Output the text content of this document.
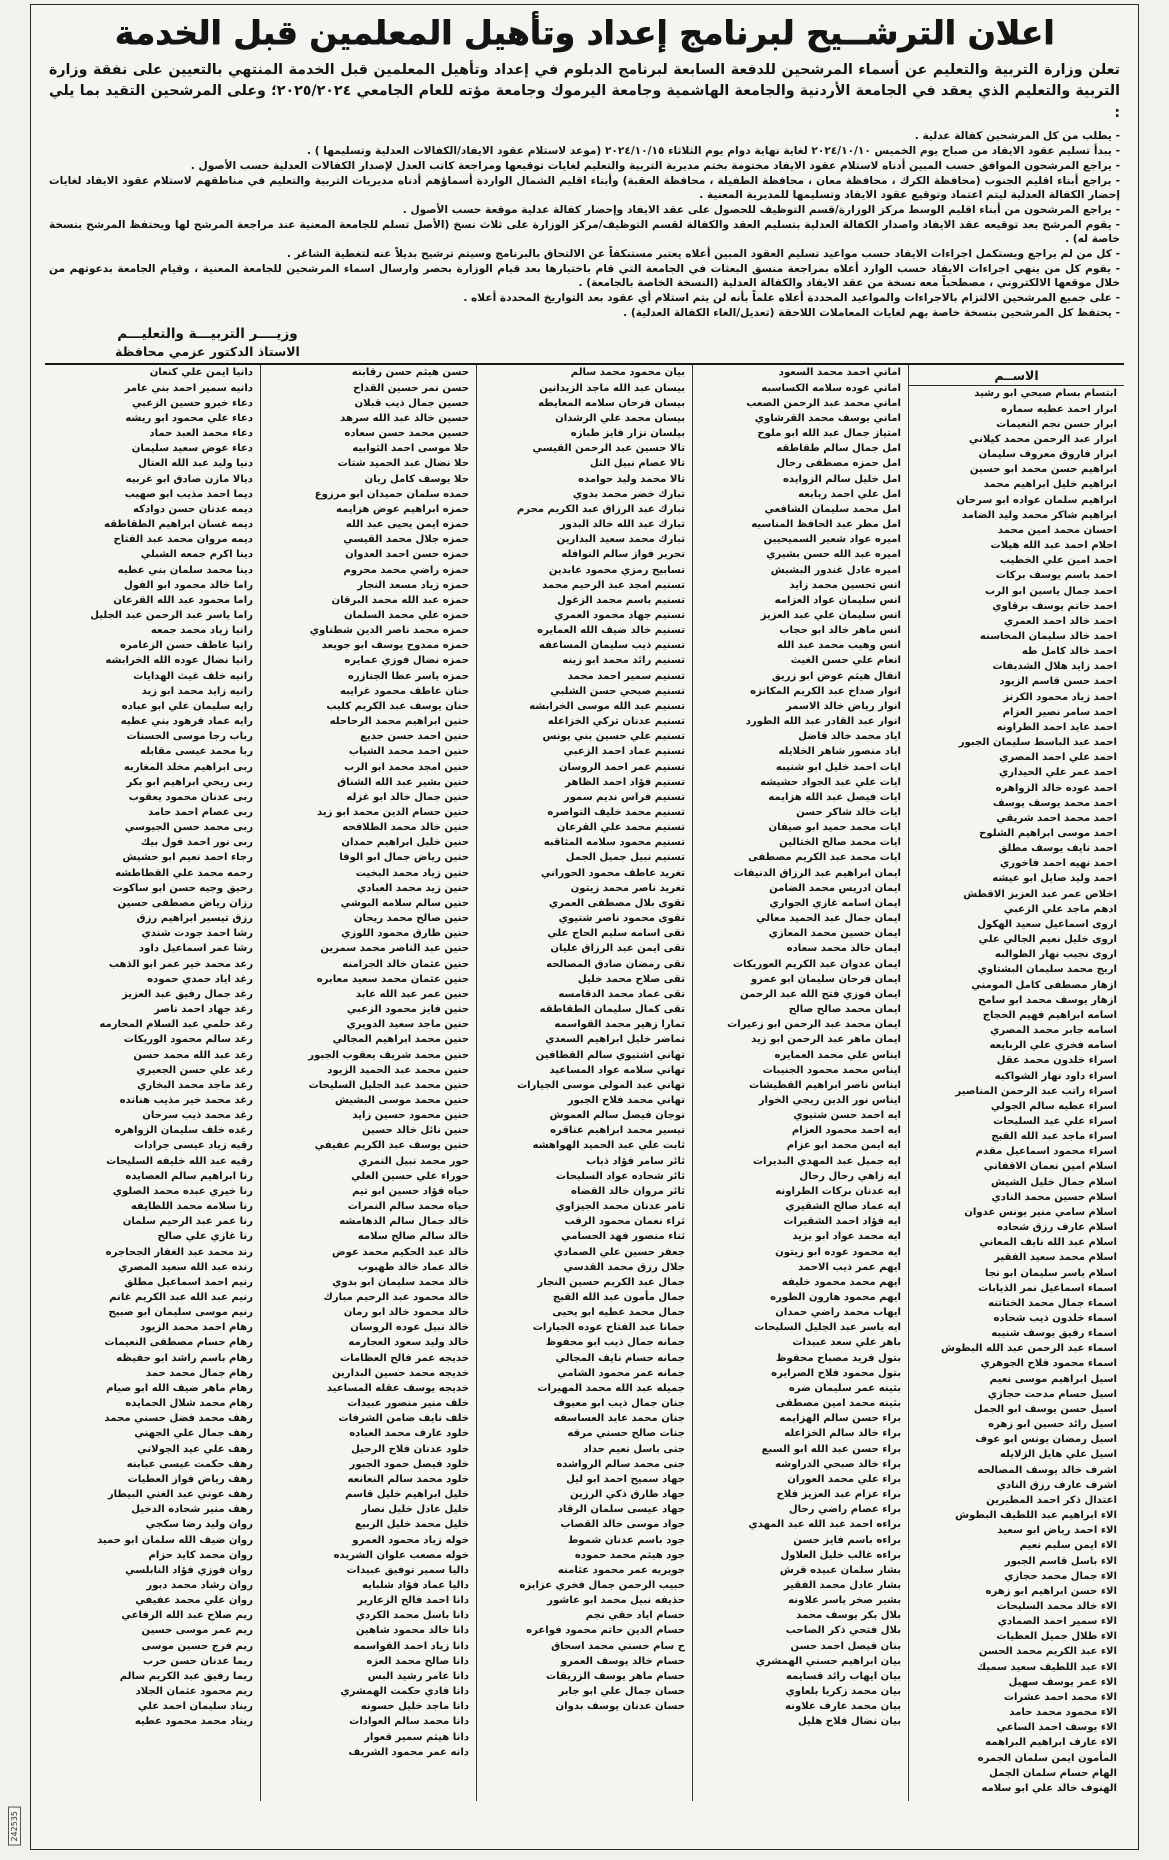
اعلان الترشــيح لبرنامج إعداد وتأهيل المعلمين قبل الخدمة

تعلن وزارة التربية والتعليم عن أسماء المرشحين للدفعة السابعة لبرنامج الدبلوم في إعداد وتأهيل المعلمين قبل الخدمة المنتهي بالتعيين على نفقة وزارة التربية والتعليم الذي يعقد في الجامعة الأردنية والجامعة الهاشمية وجامعة اليرموك وجامعة مؤته للعام الجامعي ٢٠٢٥/٢٠٢٤؛ وعلى المرشحين التقيد بما يلي :

- يطلب من كل المرشحين كفالة عدلية .
- يبدأ تسليم عقود الايفاد من صباح يوم الخميس ٢٠٢٤/١٠/١٠ لغاية نهاية دوام يوم الثلاثاء ٢٠٢٤/١٠/١٥ (موعد لاستلام عقود الايفاد/الكفالات العدلية وتسليمها ) .
- يراجع المرشحون الموافق حسب المبين أدناه لاستلام عقود الايفاد مختومة بختم مديرية التربية والتعليم لغايات توقيعها ومراجعة كاتب العدل لإصدار الكفالات العدلية حسب الأصول .
- يراجع أبناء اقليم الجنوب (محافظة الكرك ، محافظة معان ، محافظة الطفيلة ، محافظة العقبة) وأبناء اقليم الشمال الواردة أسماؤهم أدناه مديريات التربية والتعليم في مناطقهم لاستلام عقود الايفاد لغايات إحضار الكفالة العدلية ليتم اعتماد وتوقيع عقود الايفاد وتسليمها للمديرية المعنية .
- يراجع المرشحون من أبناء اقليم الوسط مركز الوزارة/قسم التوظيف للحصول على عقد الايفاد وإحضار كفالة عدلية موقعة حسب الأصول .
- يقوم المرشح بعد توقيعه عقد الايفاد واصدار الكفالة العدلية بتسليم العقد والكفالة لقسم التوظيف/مركز الوزارة على ثلاث نسخ (الأصل تسلم للجامعة المعنية عند مراجعة المرشح لها ويحتفظ المرشح بنسخة خاصة له) .
- كل من لم يراجع ويستكمل اجراءات الايفاد حسب مواعيد تسليم العقود المبين أعلاه يعتبر مستنكفاً عن الالتحاق بالبرنامج وسيتم ترشيح بديلاً عنه لتغطية الشاغر .
- يقوم كل من ينهي اجراءات الايفاد حسب الوارد أعلاه بمراجعة منسق البعثات في الجامعة التي قام باختيارها بعد قيام الوزارة بحصر وارسال اسماء المرشحين للجامعة المعنية ، وقيام الجامعة بدعوتهم من خلال موقعها الالكتروني ، مصطحباً معه نسخة من عقد الايفاد والكفالة العدلية (النسخة الخاصة بالجامعة) .
- على جميع المرشحين الالتزام بالاجراءات والمواعيد المحددة أعلاه علماً بأنه لن يتم استلام أي عقود بعد التواريخ المحددة أعلاه .
- يحتفظ كل المرشحين بنسخة خاصة بهم لغايات المعاملات اللاحقة (تعديل/الغاء الكفالة العدلية) .
وزيــــر التربيـــة والتعليـــم
الاستاذ الدكتور عزمي محافظة
الاســم
ابتسام بسام صبحي ابو رشيد
ابرار احمد عطيه سماره
ابرار حسن نجم النعيمات
ابرار عبد الرحمن محمد كيلاني
ابرار فاروق معروف سليمان
ابراهيم حسن محمد ابو حسين
ابراهيم خليل ابراهيم محمد
ابراهيم سلمان عواده ابو سرحان
ابراهيم شاكر محمد وليد الضامد
احسان محمد امين محمد
احلام احمد عبد الله هيلات
احمد امين علي الخطيب
احمد باسم يوسف بركات
احمد جمال ياسين ابو الرب
احمد حاتم يوسف برقاوي
احمد خالد احمد العمري
احمد خالد سليمان المحاسنه
احمد خالد كامل طه
احمد زايد هلال الشديفات
احمد حسن قاسم الزيود
احمد زياد محمود الكرنز
احمد سامر نصير العزام
احمد عايد احمد الطراونه
احمد عبد الباسط سليمان الجبور
احمد علي احمد المصري
احمد عمر علي الحيداري
احمد عوده خالد الزواهره
احمد محمد يوسف يوسف
احمد محمد احمد شريقي
احمد موسى ابراهيم الشلوح
احمد نايف يوسف مطلق
احمد نهيه احمد فاخوري
احمد وليد صايل ابو عيشه
اخلاص عمر عبد العزيز الاقطش
ادهم ماجد علي الزعبي
اروى اسماعيل سعيد الهكول
اروى خليل نعيم الجالي علي
اروى نجيب نهار الطوالبه
اريج محمد سليمان البشتاوي
ازهار مصطفى كامل المومني
ازهار يوسف محمد ابو سامح
اسامه ابراهيم فهيم الحجاج
اسامه جابر محمد المصري
اسامه فخري علي الربايعه
اسراء خلدون محمد عقل
اسراء داود نهار الشواكبه
اسراء راتب عبد الرحمن المناصير
اسراء عطيه سالم الجولي
اسراء علي عيد السليحات
اسراء ماجد عبد الله القبج
اسراء محمود اسماعيل مقدم
اسلام امين نعمان الاقفاني
اسلام جمال خليل الشيش
اسلام حسين محمد النادي
اسلام سامي منير يونس عدوان
اسلام عارف رزق شحاده
اسلام عبد الله نايف المعاني
اسلام محمد سعيد الفقير
اسلام ياسر سليمان ابو نجا
اسماء اسماعيل نمر الذيابات
اسماء جمال محمد الختاتنه
اسماء خلدون ذيب شحاده
اسماء رفيق يوسف شنيبه
اسماء عبد الرحمن عبد الله البطوش
اسماء محمود فلاح الجوهري
اسيل ابراهيم موسى نعيم
اسيل حسام مدحت حجازي
اسيل حسن يوسف ابو الجمل
اسيل رائد حسين ابو زهره
اسيل رمضان يونس ابو عوف
اسيل علي هايل الزلايله
اشرف خالد يوسف المصالحه
اشرف عارف رزق النادي
اعتدال ذكر احمد المطيرين
الاء ابراهيم عبد اللطيف البطوش
الاء احمد رياض ابو سعيد
الاء ايمن سليم نعيم
الاء باسل قاسم الجبور
الاء جمال محمد حجازي
الاء حسن ابراهيم ابو زهره
الاء خالد محمد السليحات
الاء سمير احمد الصمادي
الاء طلال جميل العطيات
الاء عبد الكريم محمد الحسن
الاء عبد اللطيف سعيد سميك
الاء عمر يوسف سهيل
الاء محمد احمد عشرات
الاء محمود محمد حامد
الاء يوسف احمد الساعي
الاء عارف ابراهيم البراهمه
المأمون ايمن سلمان الجمره
الهام حسام سلمان الجمل
الهنوف خالد علي ابو سلامه
اماني احمد محمد السعود
اماني عوده سلامه الكساسبه
اماني محمد عبد الرحمن الصعب
اماني يوسف محمد القرشاوي
امتياز جمال عبد الله ابو ملوح
امل جمال سالم طقاطقه
امل حمزه مصطفى رحال
امل خليل سالم الزوايده
امل علي احمد ربابعه
امل محمد سليمان الشافعي
امل مطر عبد الحافظ المناسيه
اميره عواد شعير السميحيين
اميره عبد الله حسن بشيري
اميره عادل غندور البشيش
انس تحسين محمد زايد
انس سليمان عواد العزامه
انس سليمان علي عبد العزيز
انس ماهر خالد ابو حجاب
انس وهيب محمد عبد الله
انعام علي حسن الغيث
انفال هيثم عوض ابو زريق
انوار صداح عبد الكريم المكانزه
انوار رياض خالد الاسمر
انوار عبد القادر عبد الله الطورد
اياد محمد خالد فاضل
اياد منصور شاهر الخلايله
ايات احمد خليل ابو شنيبه
ايات علي عبد الجواد حشيشه
ايات فيصل عبد الله هزايمه
ايات خالد شاكر حسن
ايات محمد حميد ابو صيفان
ايات محمد صالح الختالين
ايات محمد عبد الكريم مصطفى
ايمان ابراهيم عبد الرزاق الدنيفات
ايمان ادريس محمد الضامن
ايمان اسامه غازي الجواري
ايمان جمال عبد الحميد معالي
ايمان حسين محمد المعازي
ايمان خالد محمد سعاده
ايمان عدوان عبد الكريم العوريكات
ايمان فرحان سليمان ابو عمرو
ايمان فوزي فتح الله عبد الرحمن
ايمان محمد صالح صالح
ايمان محمد عبد الرحمن ابو زعيرات
ايمان ماهر عبد الرحمن ابو زيد
ايناس علي محمد العمايره
ايناس محمد محمود الجنيبات
ايناس ناصر ابراهيم القطيشات
ايناس نور الدين ريجي الخوار
ايه احمد حسن شتيوي
ايه احمد محمود العزام
ايه ايمن محمد ابو عزام
ايه جميل عبد المهدي البديرات
ايه زاهي رحال رحال
ايه عدنان بركات الطراونه
ايه عماد صالح الشقيري
ايه فؤاد احمد الشقيرات
ايه محمد عواد ابو يزيد
ايه محمود عوده ابو زيتون
ايهم عمر ذيب الاحمد
ايهم محمد محمود خليفه
ايهم محمود هارون الطوره
ايهاب محمد راضي حمدان
ايه ياسر عبد الجليل السليحات
باهر علي سعد عبيدات
بتول فريد مصباح محفوظ
بتول محمود فلاح الصرايره
بثينه عمر سليمان ضره
بثينه محمد امين مصطفى
براء حسن سالم الهزايمه
براء خالد سالم الخزاعله
براء حسن عبد الله ابو السبع
براء خالد صبحي الدراوشه
براء علي محمد العوران
براء عزام عبد العزيز فلاح
براء عصام راضي رحال
براءه احمد عبد الله عبد المهدي
براءه باسم فايز حسن
براءه غالب خليل العلاول
بشار سلمان عبيده قرش
بشار عادل محمد الفقير
بشير صخر ياسر علاونه
بلال بكر يوسف محمد
بلال فتحي ذكر الصاحب
بنان فيصل احمد حسن
بيان ابراهيم حسني الهمشري
بيان ايهاب رائد قسايمه
بيان محمد زكريا بلعاوي
بيان محمد عارف علاونه
بيان نضال فلاح هليل
بيان محمود محمد سالم
بيسان عبد الله ماجد الزيدانين
بيسان فرحان سلامه المعايطه
بيسان محمد علي الرشدان
بيلسان نزار فايز طبازه
تالا حسين عبد الرحمن القيسي
تالا عصام نبيل التل
تالا محمد وليد حوامده
تبارك خضر محمد بدوي
تبارك عبد الرزاق عبد الكريم محرم
تبارك عبد الله خالد البدور
تبارك محمد سعيد البدارين
تحرير فواز سالم النوافله
تسابيح رمزي محمود عابدين
تسنيم امجد عبد الرحيم محمد
تسنيم باسم محمد الزغول
تسنيم جهاد محمود العمري
تسنيم خالد ضيف الله العمايره
تسنيم ذيب سليمان المساعفه
تسنيم رائد محمد ابو زينه
تسنيم سمير احمد محمد
تسنيم صبحي حسن الشلبي
تسنيم عبد الله موسى الخرابشه
تسنيم عدنان تركي الخزاعله
تسنيم علي حسين بني يونس
تسنيم عماد احمد الزعبي
تسنيم عمر احمد الروسان
تسنيم فؤاد احمد الظاهر
تسنيم فراس نديم سمور
تسنيم محمد خليف التواصره
تسنيم محمد علي القرعان
تسنيم محمود سلامه المثاقبه
تسنيم نبيل جميل الجمل
تغريد عاطف محمود الحوراني
تغريد ناصر محمد زيتون
تقوى بلال مصطفى العمري
تقوى محمود ناصر شتيوي
تقى اسامه سليم الحاج علي
تقى ايمن عبد الرزاق عليان
تقى رمضان صادق المصالحه
تقى صلاح محمد خليل
تقى عماد محمد الدقامسه
تقى كمال سليمان الطقاطقه
تمارا زهير محمد القواسمه
تماضر خليل ابراهيم السعدي
تهاني اشتيوي سالم القطافين
تهاني سلامه عواد المساعيد
تهاني عبد المولى موسى الجيارات
تهاني محمد فلاح الجبور
توجان فيصل سالم العموش
تيسير محمد ابراهيم عناقره
ثابت علي عبد الحميد الهواهشه
ثائر سامر فؤاد ذياب
ثائر شحاده عواد السليحات
ثائر مروان خالد القضاه
ثامر عدنان محمد الجيزاوي
ثراء نعمان محمود الرقب
ثناء منصور فهد الحسامي
جعفر حسين علي الصمادي
جلال رزق محمد القدسي
جمال عبد الكريم حسين النجار
جمال مأمون عبد الله القبج
جمال محمد عطيه ابو يحيى
جمانا عبد الفتاح عوده الجيارات
جمانه جمال ذيب ابو محفوظ
جمانه حسام نايف المجالي
جمانه عمر محمود الشامي
جميله عبد الله محمد المهيرات
جنان جمال ذيب ابو معيوف
جنان محمد عايد العساسفه
جنات صالح حسني مرقه
جنى باسل نعيم حداد
جنى محمد سالم الرواشده
جهاد سميح احمد ابو ليل
جهاد طارق ذكي الرزين
جهاد عيسى سلمان الرقاد
جواد موسى خالد القصاب
جود باسم عدنان شموط
جود هيثم محمد حموده
جويريه عمر محمود عثامنه
حبيب الرحمن جمال فخري عزايزه
حذيفه نبيل محمد ابو عاشور
حسام اياد حقي نجم
حسام الدين حاتم محمود فواعره
ح سام حسني محمد اسحاق
حسام خالد يوسف العمرو
حسام ماهر يوسف الزريقات
حسان جمال علي ابو جابر
حسان عدنان يوسف بدوان
حسن هيثم حسن رقابنه
حسن نمر حسين القداح
حسين جمال ذيب قبلان
حسين خالد عبد الله سرهد
حسين محمد حسن سعاده
حلا موسى احمد الثوابيه
حلا نضال عبد الحميد شتات
حلا يوسف كامل ريان
حمده سلمان حميدان ابو مرزوع
حمزه ابراهيم عوض هزايمه
حمزه ايمن يحيى عبد الله
حمزه جلال محمد القيسي
حمزه حسن احمد العدوان
حمزه راضي محمد محروم
حمزه زياد مسعد النجار
حمزه عبد الله محمد البرقان
حمزه علي محمد السلمان
حمزه محمد ناصر الدين شطناوي
حمزه ممدوح يوسف ابو جويعد
حمزه نضال فوزي عمايره
حمزه ياسر عطا الجنازره
حنان عاطف محمود غرايبه
حنان يوسف عبد الكريم كليب
حنين ابراهيم محمد الرحاحله
حنين احمد حسن جديع
حنين احمد محمد الشياب
حنين امجد محمد ابو الرب
حنين بشير عبد الله الشناق
حنين جمال خالد ابو غزله
حنين حسام الدين محمد ابو زيد
حنين خالد محمد الطلافحه
حنين خليل ابراهيم حمدان
حنين رياض جمال ابو الوفا
حنين زياد محمد البخيت
حنين زيد محمد العبادي
حنين سالم سلامه البوشي
حنين صالح محمد ريحان
حنين طارق محمود اللوزي
حنين عبد الناصر محمد سمرين
حنين عثمان خالد الجرامنه
حنين عثمان محمد سعيد معابره
حنين عمر عبد الله عابد
حنين فايز محمود الزعبي
حنين ماجد سعيد الدويري
حنين محمد ابراهيم المجالي
حنين محمد شريف يعقوب الجبور
حنين محمد عبد الحميد الزيود
حنين محمد عبد الجليل السليحات
حنين محمد موسى البشيش
حنين محمود حسين زايد
حنين نائل خالد حسين
حنين يوسف عبد الكريم عفيفي
حور محمد نبيل النمري
حوراء علي حسين العلي
حياه فؤاد حسين ابو تيم
حياه محمد سالم النمرات
خالد جمال سالم الدهامشه
خالد سالم صالح سلامه
خالد عبد الحكيم محمد عوض
خالد عماد خالد طهبوب
خالد محمد سليمان ابو بدوي
خالد محمود عبد الرحيم مبارك
خالد محمود خالد ابو رمان
خالد نبيل عوده الروسان
خالد وليد سعود العجارمه
خديجه عمر فالح العظامات
خديجه محمد حسين البدارين
خديجه يوسف عقله المساعيد
خلف منير منصور عبيدات
خلف نايف ضامن الشرفات
خلود عارف محمد العباده
خلود عدنان فلاح الرحيل
خلود فيصل حمود الجبور
خلود محمد سالم النعانعه
خليل ابراهيم خليل قاسم
خليل عادل خليل نصار
خليل محمد خليل الربيع
خوله زياد محمود العمرو
خوله مصعب علوان الشريده
داليا سمير توفيق عبيدات
داليا عماد فؤاد شلبايه
دانا احمد فالح الزعارير
دانا باسل محمد الكردي
دانا خالد محمود شاهين
دانا زياد احمد القواسمه
دانا صالح محمد العزه
دانا عامر رشيد البس
دانا فادي حكمت الهمشري
دانا ماجد خليل حسونه
دانا محمد سالم العوادات
دانا هيثم سمير قعوار
دانه عمر محمود الشريف
دانيا ايمن علي كنعان
دانيه سمير احمد بني عامر
دعاء خيرو حسين الزعبي
دعاء علي محمود ابو ريشه
دعاء محمد العبد حماد
دعاء عوض سعيد سليمان
دنيا وليد عبد الله العتال
ديالا مازن صادق ابو غربيه
ديما احمد مذيب ابو صهيب
ديمه عدنان حسن دوادكه
ديمه غسان ابراهيم الطقاطقه
ديمه مروان محمد عبد الفتاح
دينا اكرم جمعه الشبلي
دينا محمد سلمان بني عطيه
راما خالد محمود ابو الفول
راما محمود عبد الله القرعان
راما ياسر عبد الرحمن عبد الجليل
رانيا زياد محمد جمعه
رانيا عاطف حسن الزعامره
رانيا نضال عوده الله الخرابشه
رانيه خلف غيث الهدايات
رانيه زايد محمد ابو زيد
رايه سليمان علي ابو عباده
رايه عماد فرهود بني عطيه
رباب رجا موسى الحسنات
ربا محمد عيسى مقابله
ربى ابراهيم مخلد المغاربه
ربى ريحي ابراهيم ابو بكر
ربى عدنان محمود يعقوب
ربى عصام احمد حامد
ربى محمد حسن الجيوسي
ربى نور احمد فول بيك
رجاء احمد نعيم ابو حشيش
رحمه محمد علي القطاطشه
رحيق وجيه حسن ابو ساكوت
رزان رياض مصطفى حسين
رزق تيسير ابراهيم رزق
رشا احمد جودت شندي
رشا عمر اسماعيل داود
رعد محمد خير عمر ابو الذهب
رغد اياد حمدي حموده
رغد جمال رفيق عبد العزيز
رغد جهاد احمد ناصر
رغد حلمي عبد السلام المحارمه
رغد سالم محمود الوريكات
رغد عبد الله محمد حسن
رغد علي حسن الجعيري
رغد ماجد محمد البخاري
رغد محمد خير مذيب هنانده
رغد محمد ذيب سرحان
رغده خلف سليمان الزواهره
رقيه زياد عيسى جرادات
رقيه عبد الله خليفه السليحات
رنا ابراهيم سالم العصايده
رنا خيري عبده محمد الصلوي
رنا سلامه محمد اللطايفه
رنا عمر عبد الرحيم سلمان
رنا غازي علي صالح
رند محمد عبد الغفار الجحاجره
رنده عبد الله سعيد المصري
رنيم احمد اسماعيل مطلق
رنيم عبد الله عبد الكريم غانم
رنيم موسى سليمان ابو صبيح
رهام احمد محمد الزيود
رهام حسام مصطفى النعيمات
رهام باسم راشد ابو حفيظه
رهام جمال محمد حمد
رهام ماهر ضيف الله ابو صيام
رهام محمد شلال الحمايده
رهف محمد فضل حسني محمد
رهف جمال علي الجهني
رهف علي عيد الجولاني
رهف حكمت عيسى عبابنه
رهف رياض فواز العطيات
رهف عوني عبد الغني البيطار
رهف منير شحاده الدخيل
روان وليد رضا سكجي
روان ضيف الله سلمان ابو حميد
روان محمد كايد حزام
روان فوزي فؤاد النابلسي
روان رشاد محمد دبور
روان علي محمد عفيفي
ريم صلاح عبد الله الرفاعي
ريم عمر موسى حسين
ريم فرج حسين موسى
ريما عدنان حسن حرب
ريما رفيق عبد الكريم سالم
ريم محمود عثمان الجلاد
ريناد سليمان احمد علي
ريناد محمد محمود عطيه
242535
